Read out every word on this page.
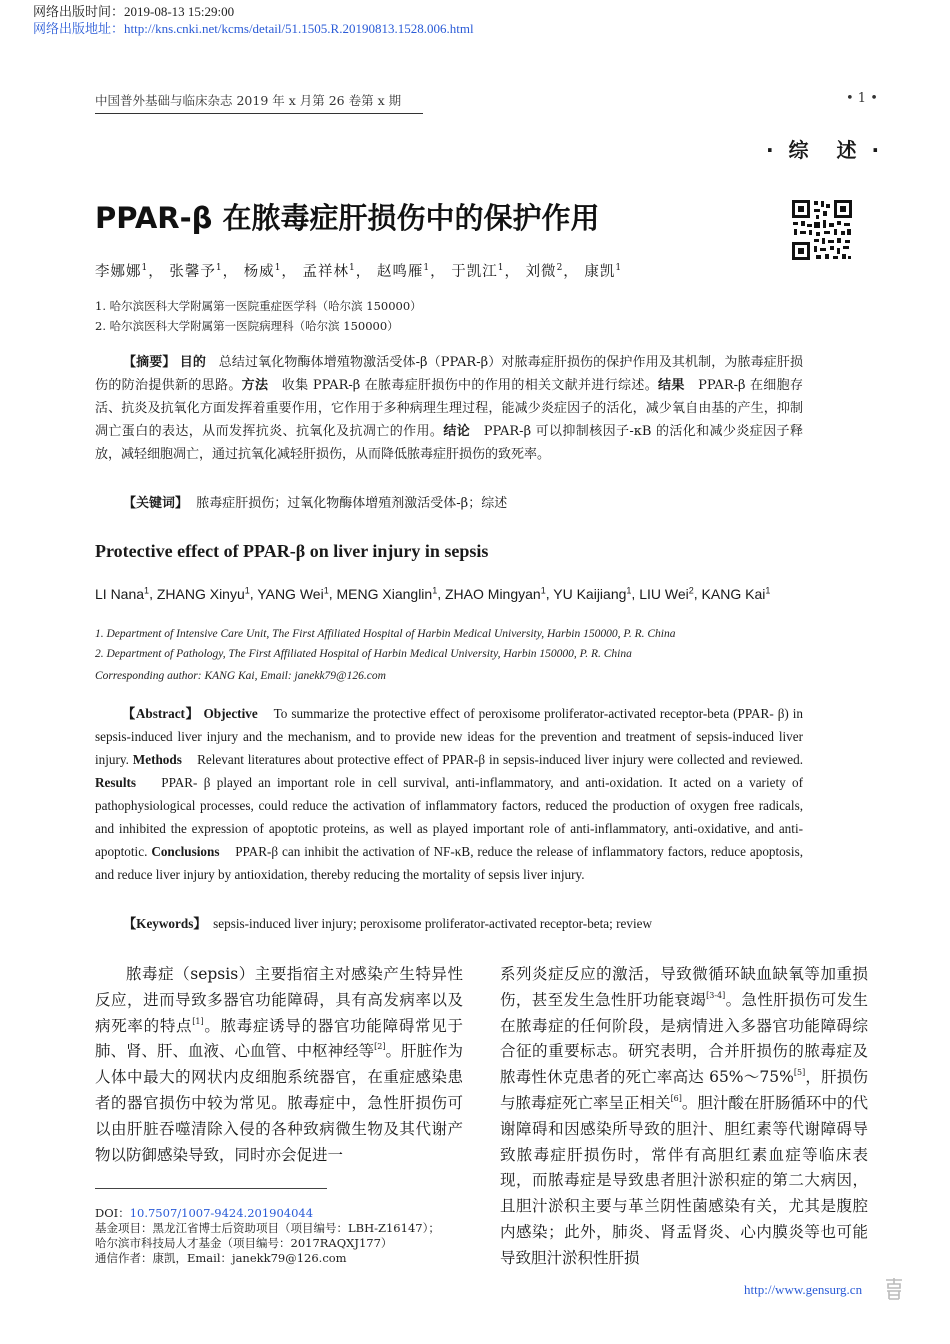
网络出版时间：2019-08-13 15:29:00
网络出版地址：http://kns.cnki.net/kcms/detail/51.1505.R.20190813.1528.006.html
中国普外基础与临床杂志 2019 年 x 月第 26 卷第 x 期	• 1 •
· 综　述 ·
PPAR-β 在脓毒症肝损伤中的保护作用
李娜娜$^1$， 张馨予$^1$， 杨威$^1$， 孟祥林$^1$， 赵鸣雁$^1$， 于凯江$^1$， 刘微$^2$， 康凯$^1$
1. 哈尔滨医科大学附属第一医院重症医学科（哈尔滨 150000）
2. 哈尔滨医科大学附属第一医院病理科（哈尔滨 150000）
【摘要】 目的 总结过氧化物酶体增殖物激活受体-β（PPAR-β）对脓毒症肝损伤的保护作用及其机制，为脓毒症肝损伤的防治提供新的思路。方法 收集 PPAR-β 在脓毒症肝损伤中的作用的相关文献并进行综述。结果 PPAR-β 在细胞存活、抗炎及抗氧化方面发挥着重要作用，它作用于多种病理生理过程，能减少炎症因子的活化，减少氧自由基的产生，抑制凋亡蛋白的表达，从而发挥抗炎、抗氧化及抗凋亡的作用。结论 PPAR-β 可以抑制核因子-κB 的活化和减少炎症因子释放，减轻细胞凋亡，通过抗氧化减轻肝损伤，从而降低脓毒症肝损伤的致死率。
【关键词】 脓毒症肝损伤；过氧化物酶体增殖剂激活受体-β；综述
Protective effect of PPAR-β on liver injury in sepsis
LI Nana$^1$, ZHANG Xinyu$^1$, YANG Wei$^1$, MENG Xianglin$^1$, ZHAO Mingyan$^1$, YU Kaijiang$^1$, LIU Wei$^2$, KANG Kai$^1$
1. Department of Intensive Care Unit, The First Affiliated Hospital of Harbin Medical University, Harbin 150000, P. R. China
2. Department of Pathology, The First Affiliated Hospital of Harbin Medical University, Harbin 150000, P. R. China
Corresponding author: KANG Kai, Email: janekk79@126.com
【Abstract】 Objective To summarize the protective effect of peroxisome proliferator-activated receptor-beta (PPAR- β) in sepsis-induced liver injury and the mechanism, and to provide new ideas for the prevention and treatment of sepsis-induced liver injury. Methods Relevant literatures about protective effect of PPAR-β in sepsis-induced liver injury were collected and reviewed. Results PPAR- β played an important role in cell survival, anti-inflammatory, and anti-oxidation. It acted on a variety of pathophysiological processes, could reduce the activation of inflammatory factors, reduced the production of oxygen free radicals, and inhibited the expression of apoptotic proteins, as well as played important role of anti-inflammatory, anti-oxidative, and anti-apoptotic. Conclusions PPAR-β can inhibit the activation of NF-κB, reduce the release of inflammatory factors, reduce apoptosis, and reduce liver injury by antioxidation, thereby reducing the mortality of sepsis liver injury.
【Keywords】 sepsis-induced liver injury; peroxisome proliferator-activated receptor-beta; review
脓毒症（sepsis）主要指宿主对感染产生特异性反应，进而导致多器官功能障碍，具有高发病率以及病死率的特点[1]。脓毒症诱导的器官功能障碍常见于肺、肾、肝、血液、心血管、中枢神经等[2]。肝脏作为人体中最大的网状内皮细胞系统器官，在重症感染患者的器官损伤中较为常见。脓毒症中，急性肝损伤可以由肝脏吞噬清除入侵的各种致病微生物及其代谢产物以防御感染导致，同时亦会促进一
系列炎症反应的激活，导致微循环缺血缺氧等加重损伤，甚至发生急性肝功能衰竭[3-4]。急性肝损伤可发生在脓毒症的任何阶段，是病情进入多器官功能障碍综合征的重要标志。研究表明，合并肝损伤的脓毒症及脓毒性休克患者的死亡率高达 65%～75%[5]，肝损伤与脓毒症死亡率呈正相关[6]。胆汁酸在肝肠循环中的代谢障碍和因感染所导致的胆汁、胆红素等代谢障碍导致脓毒症肝损伤时，常伴有高胆红素血症等临床表现，而脓毒症是导致患者胆汁淤积症的第二大病因，且胆汁淤积主要与革兰阴性菌感染有关，尤其是腹腔内感染；此外，肺炎、肾盂肾炎、心内膜炎等也可能导致胆汁淤积性肝损
DOI：10.7507/1007-9424.201904044
基金项目：黑龙江省博士后资助项目（项目编号：LBH-Z16147）；
哈尔滨市科技局人才基金（项目编号：2017RAQXJ177）
通信作者：康凯，Email：janekk79@126.com
http://www.gensurg.cn
